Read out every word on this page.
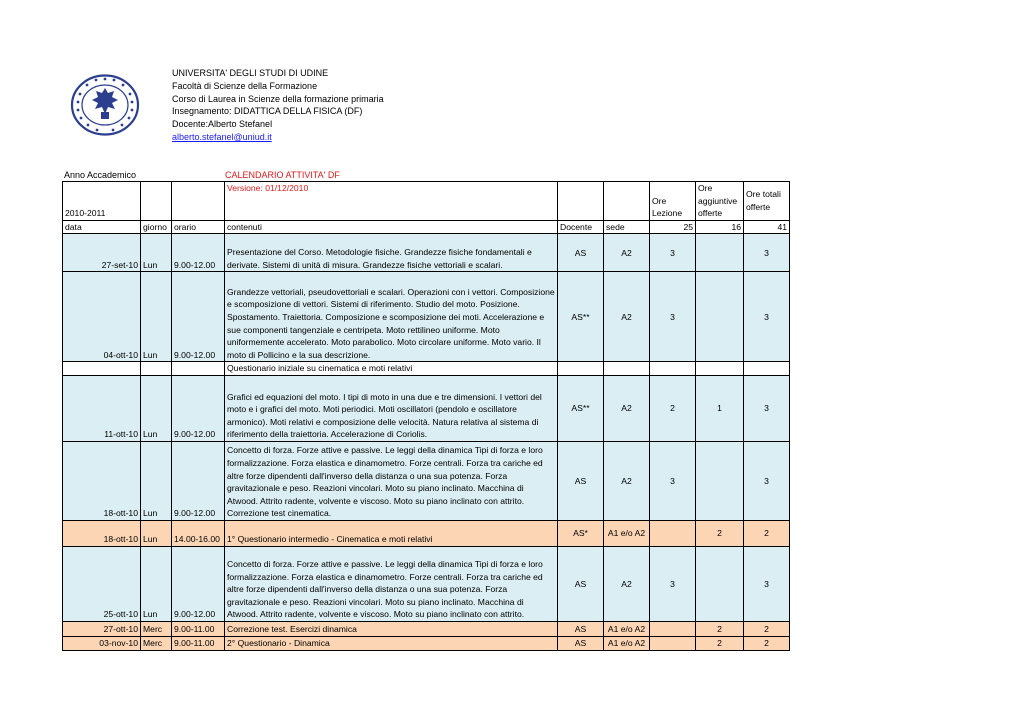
UNIVERSITA' DEGLI STUDI DI UDINE
Facoltà di Scienze della Formazione
Corso di Laurea in Scienze della formazione primaria
Insegnamento: DIDATTICA DELLA FISICA (DF)
Docente:Alberto Stefanel
alberto.stefanel@uniud.it
Anno Accademico	CALENDARIO ATTIVITA' DF
2010-2011			Versione: 01/12/2010			Ore Lezione	Ore aggiuntive offerte	Ore totali offerte
data	giorno	orario	contenuti	Docente	sede	25	16	41
27-set-10	Lun	9.00-12.00	Presentazione del Corso. Metodologie fisiche. Grandezze fisiche fondamentali e derivate. Sistemi di unità di misura. Grandezze fisiche vettoriali e scalari.	AS	A2	3		3
04-ott-10	Lun	9.00-12.00	Grandezze vettoriali, pseudovettoriali e scalari. Operazioni con i vettori. Composizione e scomposizione di vettori. Sistemi di riferimento. Studio del moto. Posizione. Spostamento. Traiettoria. Composizione e scomposizione dei moti. Accelerazione e sue componenti tangenziale e centripeta. Moto rettilineo uniforme. Moto uniformemente accelerato. Moto parabolico. Moto circolare uniforme. Moto vario. Il moto di Pollicino e la sua descrizione.	AS**	A2	3		3
			Questionario iniziale su cinematica e moti relativi					
11-ott-10	Lun	9.00-12.00	Grafici ed equazioni del moto. I tipi di moto in una due e tre dimensioni. I vettori del moto e i grafici del moto. Moti periodici. Moti oscillatori (pendolo e oscillatore armonico). Moti relativi e composizione delle velocità. Natura relativa al sistema di riferimento della traiettoria. Accelerazione di Coriolis.	AS**	A2	2	1	3
18-ott-10	Lun	9.00-12.00	Concetto di forza. Forze attive e passive. Le leggi della dinamica Tipi di forza e loro formalizzazione. Forza elastica e dinamometro. Forze centrali. Forza tra cariche ed altre forze dipendenti dall'inverso della distanza o una sua potenza. Forza gravitazionale e peso. Reazioni vincolari. Moto su piano inclinato. Macchina di Atwood. Attrito radente, volvente e viscoso. Moto su piano inclinato con attrito. Correzione test cinematica.	AS	A2	3		3
18-ott-10	Lun	14.00-16.00	1° Questionario intermedio - Cinematica e moti relativi	AS*	A1 e/o A2		2	2
25-ott-10	Lun	9.00-12.00	Concetto di forza. Forze attive e passive. Le leggi della dinamica Tipi di forza e loro formalizzazione. Forza elastica e dinamometro. Forze centrali. Forza tra cariche ed altre forze dipendenti dall'inverso della distanza o una sua potenza. Forza gravitazionale e peso. Reazioni vincolari. Moto su piano inclinato. Macchina di Atwood. Attrito radente, volvente e viscoso. Moto su piano inclinato con attrito.	AS	A2	3		3
27-ott-10	Merc	9.00-11.00	Correzione test. Esercizi dinamica	AS	A1 e/o A2		2	2
03-nov-10	Merc	9.00-11.00	2° Questionario - Dinamica	AS	A1 e/o A2		2	2
